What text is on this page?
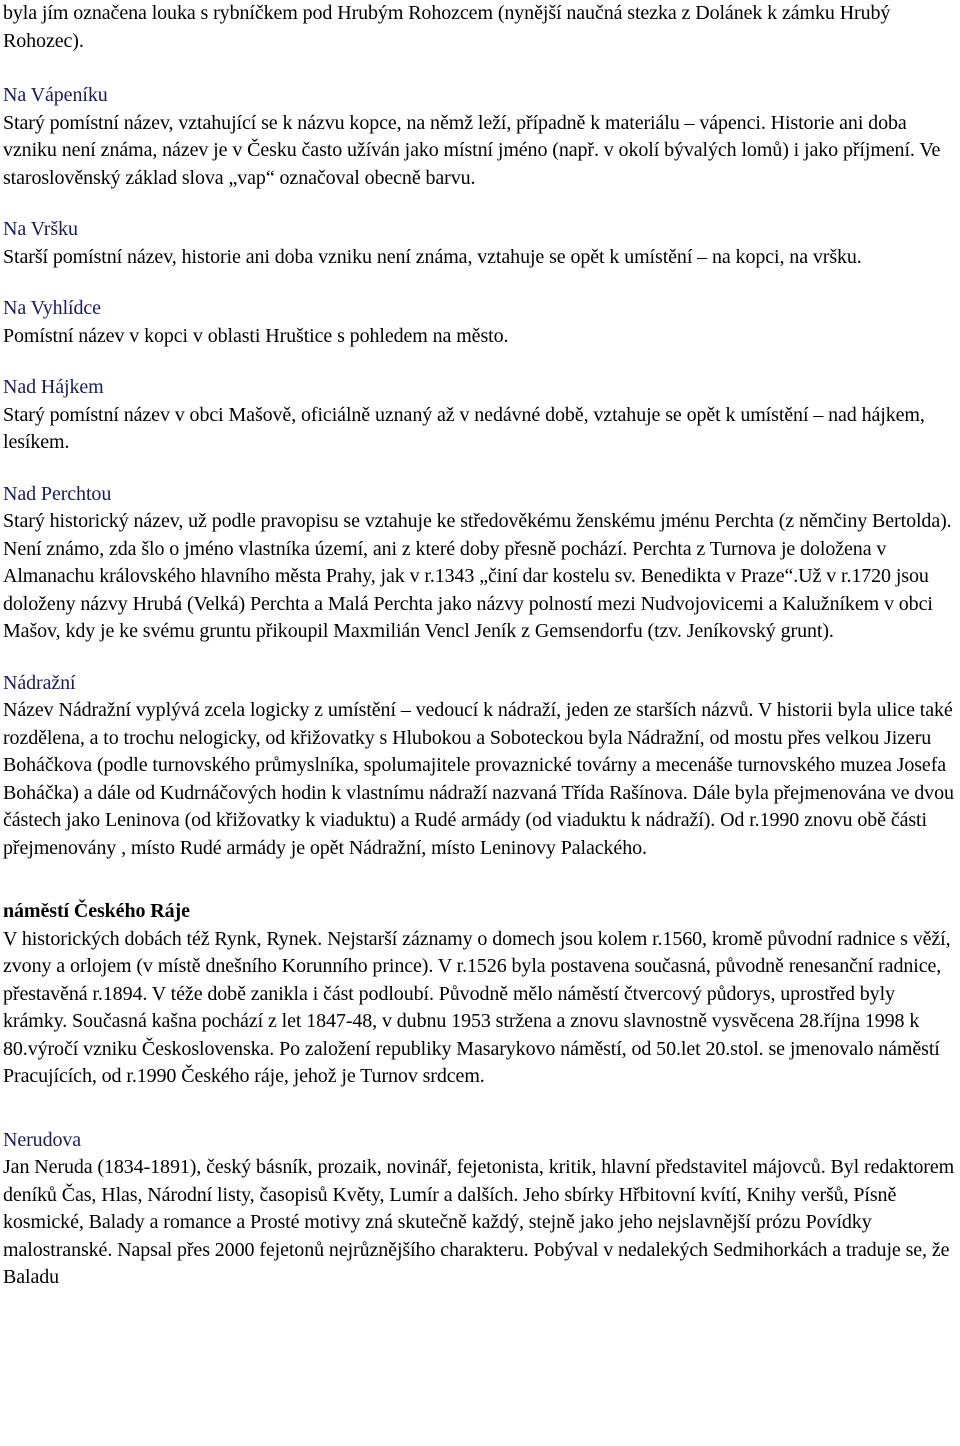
byla jím označena louka s rybníčkem pod Hrubým Rohozcem (nynější naučná stezka z Dolánek k zámku Hrubý Rohozec).

Na Vápeníku

Starý pomístní název, vztahující se k názvu kopce, na němž leží, případně k materiálu – vápenci. Historie ani doba vzniku není známa, název je v Česku často užíván jako místní jméno (např. v okolí bývalých lomů) i jako příjmení. Ve staroslověnský základ slova „vap“ označoval obecně barvu.

Na Vršku

Starší pomístní název, historie ani doba vzniku není známa, vztahuje se opět k umístění – na kopci, na vršku.

Na Vyhlídce

Pomístní název v kopci v oblasti Hruštice s pohledem na město.

Nad Hájkem

Starý pomístní název v obci Mašově, oficiálně uznaný až v nedávné době, vztahuje se opět k umístění – nad hájkem, lesíkem.

Nad Perchtou

Starý historický název, už podle pravopisu se vztahuje ke středověkému ženskému jménu Perchta (z němčiny Bertolda). Není známo, zda šlo o jméno vlastníka území, ani z které doby přesně pochází. Perchta z Turnova je doložena v Almanachu královského hlavního města Prahy, jak v r.1343 „činí dar kostelu sv. Benedikta v Praze“.Už v r.1720 jsou doloženy názvy Hrubá (Velká) Perchta a Malá Perchta jako názvy polností mezi Nudvojovicemi a Kalužníkem v obci Mašov, kdy je ke svému gruntu přikoupil Maxmilián Vencl Jeník z Gemsendorfu (tzv. Jeníkovský grunt).

Nádražní

Název Nádražní vyplývá zcela logicky z umístění – vedoucí k nádraží, jeden ze starších názvů. V historii byla ulice také rozdělena, a to trochu nelogicky, od křižovatky s Hlubokou a Soboteckou byla Nádražní, od mostu přes velkou Jizeru Boháčkova (podle turnovského průmyslníka, spolumajitele provaznické továrny a mecenáše turnovského muzea Josefa Boháčka) a dále od Kudrnáčových hodin k vlastnímu nádraží nazvaná Třída Rašínova. Dále byla přejmenována ve dvou částech jako Leninova (od křižovatky k viaduktu) a Rudé armády (od viaduktu k nádraží). Od r.1990 znovu obě části přejmenovány , místo Rudé armády je opět Nádražní, místo Leninovy Palackého.

náměstí Českého Ráje

V historických dobách též Rynk, Rynek. Nejstarší záznamy o domech jsou kolem r.1560, kromě původní radnice s věží, zvony a orlojem (v místě dnešního Korunního prince). V r.1526 byla postavena současná, původně renesanční radnice, přestavěná r.1894. V téže době zanikla i část podloubí. Původně mělo náměstí čtvercový půdorys, uprostřed byly krámky. Současná kašna pochází z let 1847-48, v dubnu 1953 stržena a znovu slavnostně vysvěcena 28.října 1998 k 80.výročí vzniku Československa. Po založení republiky Masarykovo náměstí, od 50.let 20.stol. se jmenovalo náměstí Pracujících, od r.1990 Českého ráje, jehož je Turnov srdcem.

Nerudova

Jan Neruda (1834-1891), český básník, prozaik, novinář, fejetonista, kritik, hlavní představitel májovců. Byl redaktorem deníků Čas, Hlas, Národní listy, časopisů Květy, Lumír a dalších. Jeho sbírky Hřbitovní kvítí, Knihy veršů, Písně kosmické, Balady a romance a Prosté motivy zná skutečně každý, stejně jako jeho nejslavnější prózu Povídky malostranské. Napsal přes 2000 fejetonů nejrůznějšího charakteru. Pobýval v nedalekých Sedmihorkách a traduje se, že Baladu
